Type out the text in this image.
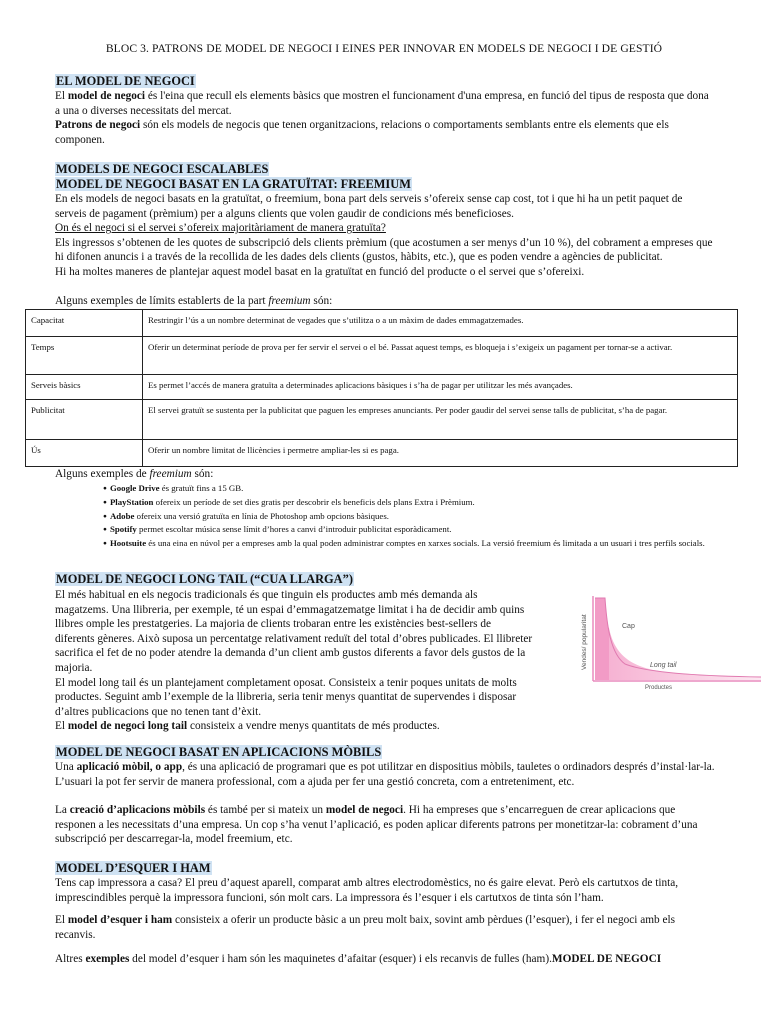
BLOC 3. PATRONS DE MODEL DE NEGOCI I EINES PER INNOVAR EN MODELS DE NEGOCI I DE GESTIÓ
EL MODEL DE NEGOCI

El model de negoci és l'eina que recull els elements bàsics que mostren el funcionament d'una empresa, en funció del tipus de resposta que dona a una o diverses necessitats del mercat.

Patrons de negoci són els models de negocis que tenen organitzacions, relacions o comportaments semblants entre els elements que els componen.

MODELS DE NEGOCI ESCALABLES
MODEL DE NEGOCI BASAT EN LA GRATUÏTAT: FREEMIUM

En els models de negoci basats en la gratuïtat, o freemium, bona part dels serveis s’ofereix sense cap cost, tot i que hi ha un petit paquet de serveis de pagament (prèmium) per a alguns clients que volen gaudir de condicions més beneficioses.

On és el negoci si el servei s’ofereix majoritàriament de manera gratuïta?

Els ingressos s’obtenen de les quotes de subscripció dels clients prèmium (que acostumen a ser menys d’un 10 %), del cobrament a empreses que hi difonen anuncis i a través de la recollida de les dades dels clients (gustos, hàbits, etc.), que es poden vendre a agències de publicitat.

Hi ha moltes maneres de plantejar aquest model basat en la gratuïtat en funció del producte o el servei que s’ofereixi.

Alguns exemples de límits establerts de la part freemium són:

Capacitat	Restringir l’ús a un nombre determinat de vegades que s’utilitza o a un màxim de dades emmagatzemades.
Temps	Oferir un determinat període de prova per fer servir el servei o el bé. Passat aquest temps, es bloqueja i s’exigeix un pagament per tornar-se a activar.
Serveis bàsics	Es permet l’accés de manera gratuïta a determinades aplicacions bàsiques i s’ha de pagar per utilitzar les més avançades.
Publicitat	El servei gratuït se sustenta per la publicitat que paguen les empreses anunciants. Per poder gaudir del servei sense talls de publicitat, s’ha de pagar.
Ús	Oferir un nombre limitat de llicències i permetre ampliar-les si es paga.

Alguns exemples de freemium són:

● Google Drive és gratuït fins a 15 GB.
● PlayStation ofereix un període de set dies gratis per descobrir els beneficis dels plans Extra i Prèmium.
● Adobe ofereix una versió gratuïta en línia de Photoshop amb opcions bàsiques.
● Spotify permet escoltar música sense límit d’hores a canvi d’introduir publicitat esporàdicament.
● Hootsuite és una eina en núvol per a empreses amb la qual poden administrar comptes en xarxes socials. La versió freemium és limitada a un usuari i tres perfils socials.
MODEL DE NEGOCI LONG TAIL (“CUA LLARGA”)

El més habitual en els negocis tradicionals és que tinguin els productes amb més demanda als magatzems. Una llibreria, per exemple, té un espai d’emmagatzematge limitat i ha de decidir amb quins llibres omple les prestatgeries. La majoria de clients trobaran entre les existències best-sellers de diferents gèneres. Això suposa un percentatge relativament reduït del total d’obres publicades. El llibreter sacrifica el fet de no poder atendre la demanda d’un client amb gustos diferents a favor dels gustos de la majoria.

El model long tail és un plantejament completament oposat. Consisteix a tenir poques unitats de molts productes. Seguint amb l’exemple de la llibreria, seria tenir menys quantitat de supervendes i disposar d’altres publicacions que no tenen tant d’èxit.

El model de negoci long tail consisteix a vendre menys quantitats de més productes.

Vendes/ popularitat	Cap
Long tail
Productes
MODEL DE NEGOCI BASAT EN APLICACIONS MÒBILS

Una aplicació mòbil, o app, és una aplicació de programari que es pot utilitzar en dispositius mòbils, tauletes o ordinadors després d’instal·lar-la. L’usuari la pot fer servir de manera professional, com a ajuda per fer una gestió concreta, com a entreteniment, etc.

La creació d’aplicacions mòbils és també per si mateix un model de negoci. Hi ha empreses que s’encarreguen de crear aplicacions que responen a les necessitats d’una empresa. Un cop s’ha venut l’aplicació, es poden aplicar diferents patrons per monetitzar-la: cobrament d’una subscripció per descarregar-la, model freemium, etc.

MODEL D’ESQUER I HAM

Tens cap impressora a casa? El preu d’aquest aparell, comparat amb altres electrodomèstics, no és gaire elevat. Però els cartutxos de tinta, imprescindibles perquè la impressora funcioni, són molt cars. La impressora és l’esquer i els cartutxos de tinta són l’ham.

El model d’esquer i ham consisteix a oferir un producte bàsic a un preu molt baix, sovint amb pèrdues (l’esquer), i fer el negoci amb els recanvis.

Altres exemples del model d’esquer i ham són les maquinetes d’afaitar (esquer) i els recanvis de fulles (ham).MODEL DE NEGOCI
